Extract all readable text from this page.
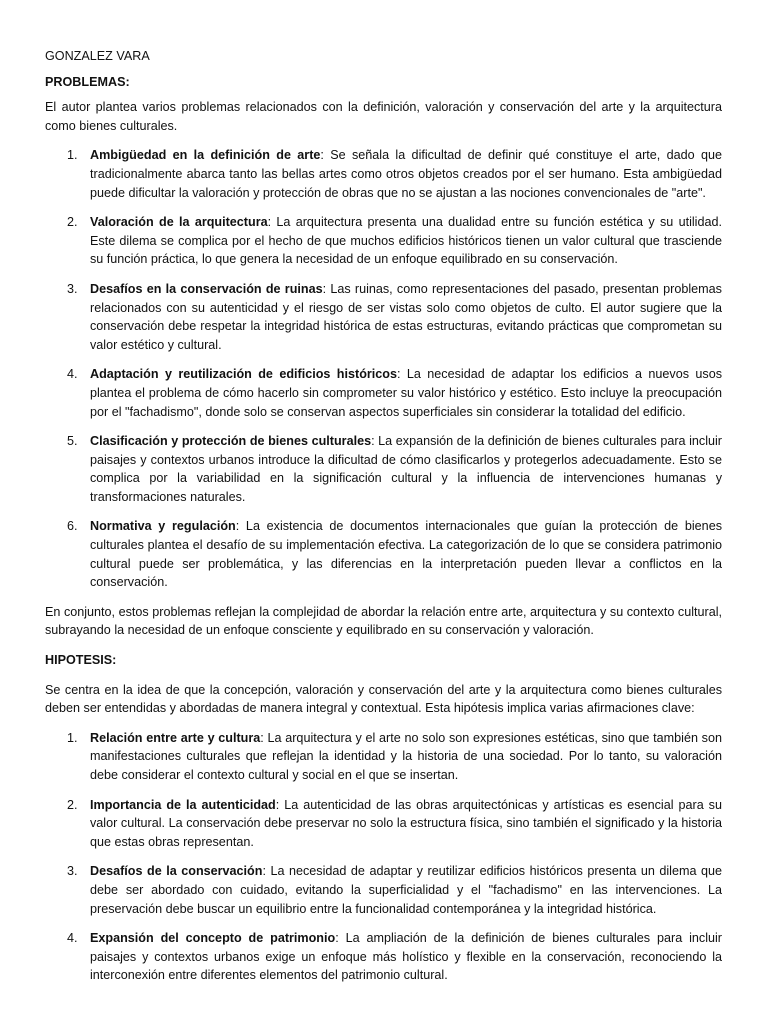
GONZALEZ VARA

PROBLEMAS:

El autor plantea varios problemas relacionados con la definición, valoración y conservación del arte y la arquitectura como bienes culturales.

1. Ambigüedad en la definición de arte: Se señala la dificultad de definir qué constituye el arte, dado que tradicionalmente abarca tanto las bellas artes como otros objetos creados por el ser humano. Esta ambigüedad puede dificultar la valoración y protección de obras que no se ajustan a las nociones convencionales de "arte".
2. Valoración de la arquitectura: La arquitectura presenta una dualidad entre su función estética y su utilidad. Este dilema se complica por el hecho de que muchos edificios históricos tienen un valor cultural que trasciende su función práctica, lo que genera la necesidad de un enfoque equilibrado en su conservación.
3. Desafíos en la conservación de ruinas: Las ruinas, como representaciones del pasado, presentan problemas relacionados con su autenticidad y el riesgo de ser vistas solo como objetos de culto. El autor sugiere que la conservación debe respetar la integridad histórica de estas estructuras, evitando prácticas que comprometan su valor estético y cultural.
4. Adaptación y reutilización de edificios históricos: La necesidad de adaptar los edificios a nuevos usos plantea el problema de cómo hacerlo sin comprometer su valor histórico y estético. Esto incluye la preocupación por el "fachadismo", donde solo se conservan aspectos superficiales sin considerar la totalidad del edificio.
5. Clasificación y protección de bienes culturales: La expansión de la definición de bienes culturales para incluir paisajes y contextos urbanos introduce la dificultad de cómo clasificarlos y protegerlos adecuadamente. Esto se complica por la variabilidad en la significación cultural y la influencia de intervenciones humanas y transformaciones naturales.
6. Normativa y regulación: La existencia de documentos internacionales que guían la protección de bienes culturales plantea el desafío de su implementación efectiva. La categorización de lo que se considera patrimonio cultural puede ser problemática, y las diferencias en la interpretación pueden llevar a conflictos en la conservación.

En conjunto, estos problemas reflejan la complejidad de abordar la relación entre arte, arquitectura y su contexto cultural, subrayando la necesidad de un enfoque consciente y equilibrado en su conservación y valoración.

HIPOTESIS:

Se centra en la idea de que la concepción, valoración y conservación del arte y la arquitectura como bienes culturales deben ser entendidas y abordadas de manera integral y contextual. Esta hipótesis implica varias afirmaciones clave:

1. Relación entre arte y cultura: La arquitectura y el arte no solo son expresiones estéticas, sino que también son manifestaciones culturales que reflejan la identidad y la historia de una sociedad. Por lo tanto, su valoración debe considerar el contexto cultural y social en el que se insertan.
2. Importancia de la autenticidad: La autenticidad de las obras arquitectónicas y artísticas es esencial para su valor cultural. La conservación debe preservar no solo la estructura física, sino también el significado y la historia que estas obras representan.
3. Desafíos de la conservación: La necesidad de adaptar y reutilizar edificios históricos presenta un dilema que debe ser abordado con cuidado, evitando la superficialidad y el "fachadismo" en las intervenciones. La preservación debe buscar un equilibrio entre la funcionalidad contemporánea y la integridad histórica.
4. Expansión del concepto de patrimonio: La ampliación de la definición de bienes culturales para incluir paisajes y contextos urbanos exige un enfoque más holístico y flexible en la conservación, reconociendo la interconexión entre diferentes elementos del patrimonio cultural.
